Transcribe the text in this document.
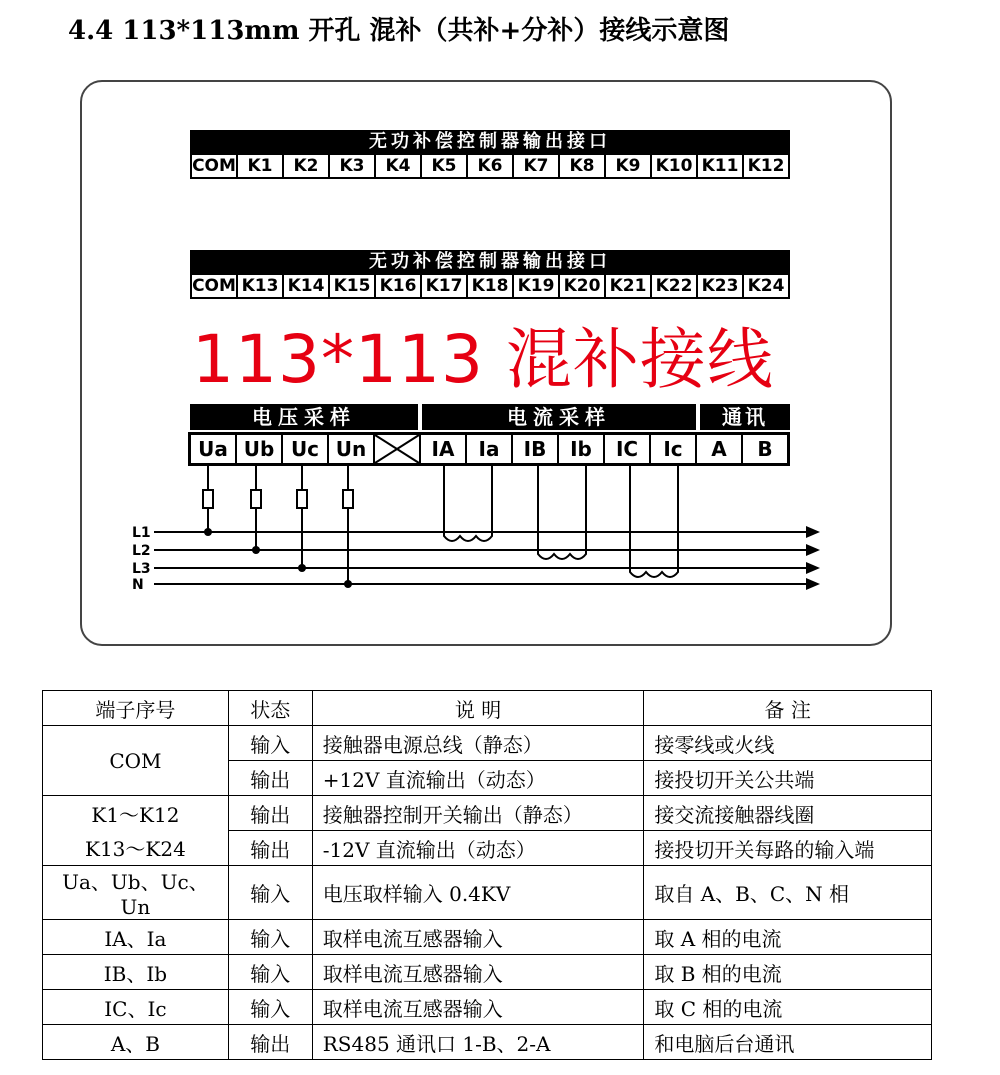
4.4 113*113mm 开孔 混补（共补+分补）接线示意图
无功补偿控制器输出接口
COM K1	K2	K3	K4	K5	K6	K7	K8	K9 K10 K11 K12
无功补偿控制器输出接口
COM K13 K14 K15 K16 K17 K18 K19 K20 K21 K22 K23 K24
113*113 混补接线
电压采样	电流采样	通讯
Ua Ub Uc Un	IA	Ia	IB	Ib	IC	Ic	A	B
L1
L2
L3
N
端子序号	状态	说 明	备 注
COM	输入	接触器电源总线（静态）	接零线或火线
	输出	+12V 直流输出（动态）	接投切开关公共端
K1～K12	输出	接触器控制开关输出（静态）	接交流接触器线圈
K13～K24	输出	-12V 直流输出（动态）	接投切开关每路的输入端
Ua、Ub、Uc、Un	输入	电压取样输入 0.4KV	取自 A、B、C、N 相
IA、Ia	输入	取样电流互感器输入	取 A 相的电流
IB、Ib	输入	取样电流互感器输入	取 B 相的电流
IC、Ic	输入	取样电流互感器输入	取 C 相的电流
A、B	输出	RS485 通讯口 1-B、2-A	和电脑后台通讯
